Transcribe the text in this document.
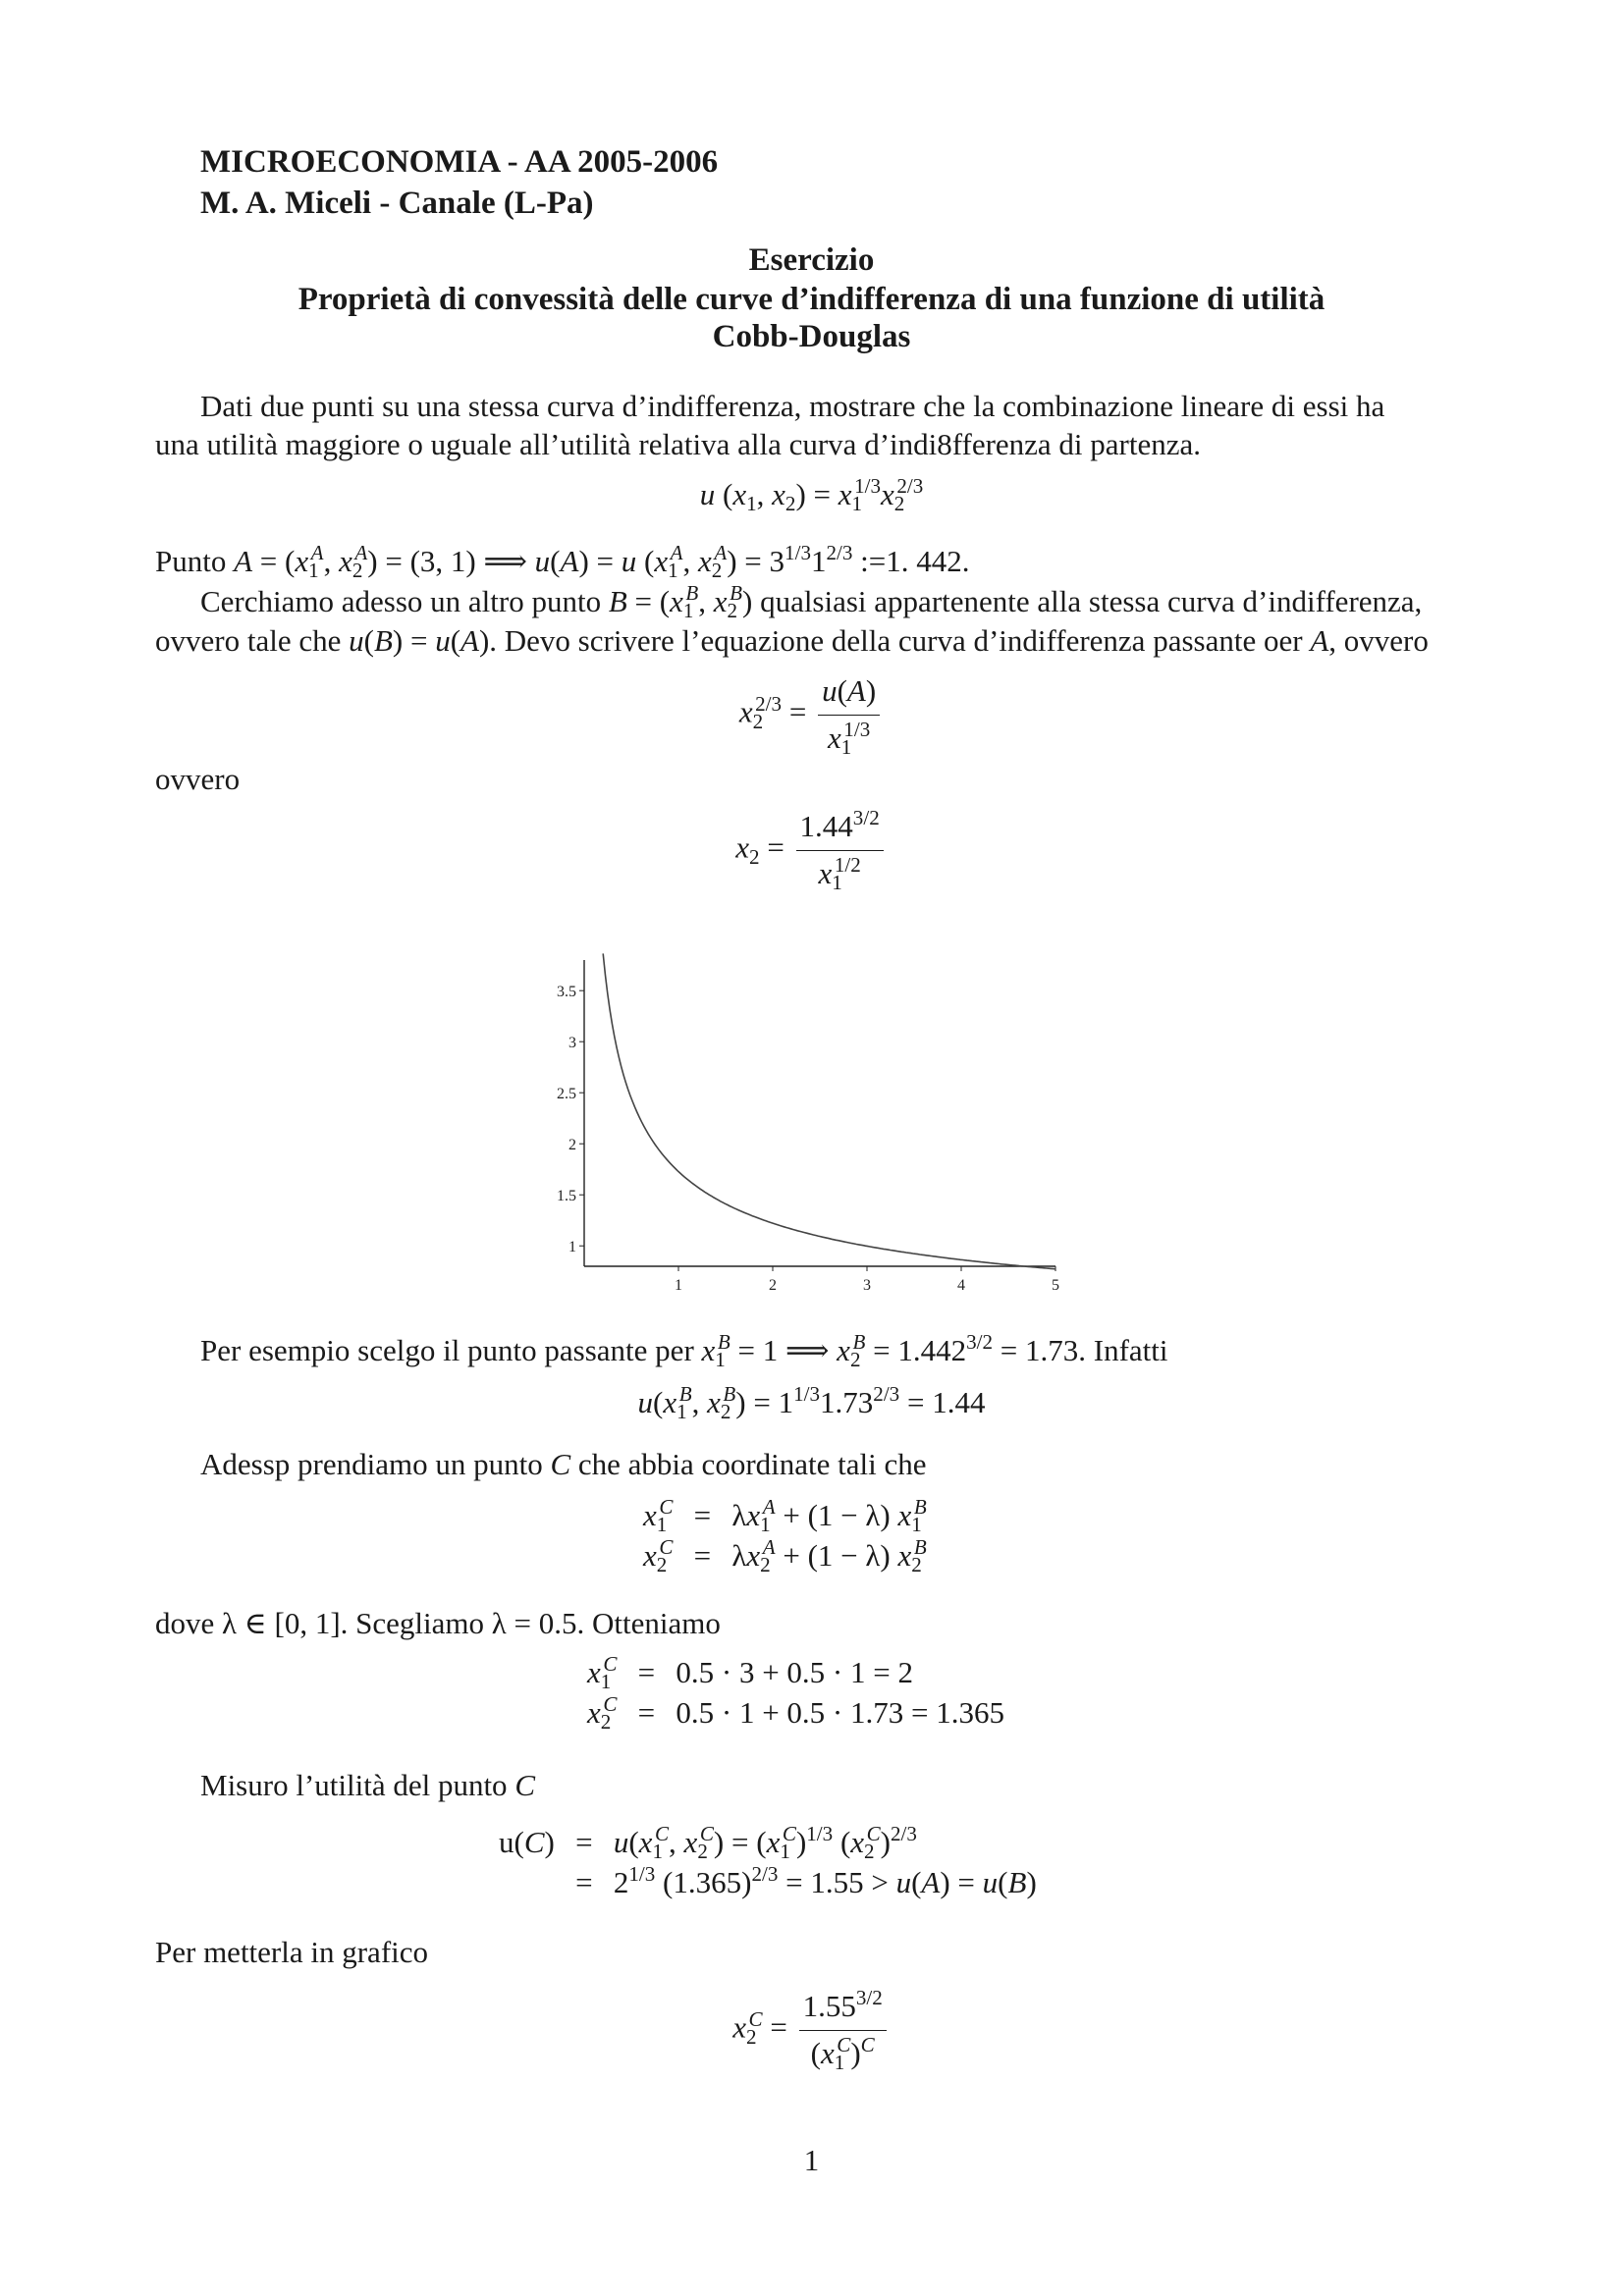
MICROECONOMIA - AA 2005-2006
M. A. Miceli - Canale (L-Pa)
Esercizio
Proprietà di convessità delle curve d’indifferenza di una funzione di utilità
Cobb-Douglas
Dati due punti su una stessa curva d’indifferenza, mostrare che la combinazione lineare di essi ha
una utilità maggiore o uguale all’utilità relativa alla curva d’indi8fferenza di partenza.
u ($x_1$, $x_2) = x_1^{1/3}x_2^{2/3}$
Punto $A = (x_1^A$, $x_2^A) = (3$, 1) ⟹ u(A) = u ($x_1^A$, $x_2^A) = 3^{1/3}1^{2/3}$ :=1. 442.
Cerchiamo adesso un altro punto $B = (x_1^B$, $x_2^B$) qualsiasi appartenente alla stessa curva d’indifferenza,
ovvero tale che u(B) = u(A). Devo scrivere l’equazione della curva d’indifferenza passante oer A, ovvero
$x_2^{2/3} = \frac{u(A)}{x_1^{1/3}}$
ovvero
$x_2 = \frac{1.44^{3/2}}{x_1^{1/2}}$
1	2	3	4	5
1
1.5
2
2.5
3
3.5
Per esempio scelgo il punto passante per $x_1^B = 1$ ⟹ $x_2^B = 1.442^{3/2} = 1.73$. Infatti
$u(x_1^B$, $x_2^B) = 1^{1/3}1.73^{2/3} = 1.44$
Adessp prendiamo un punto C che abbia coordinate tali che
$x_1^C = \lambda x_1^A + (1 - \lambda)$ $x_1^B$
$x_2^C = \lambda x_2^A + (1 - \lambda)$ $x_2^B$
dove λ ∈ [0, 1]. Scegliamo λ = 0.5. Otteniamo
$x_1^C = 0.5 \cdot 3 + 0.5 \cdot 1 = 2$
$x_2^C = 0.5 \cdot 1 + 0.5 \cdot 1.73 = 1.365$
Misuro l’utilità del punto C
$u(C) = u(x_1^C$, $x_2^C) = (x_1^C)^{1/3}$ $(x_2^C)^{2/3}$
= $2^{1/3}$ $(1.365)^{2/3} = 1.55 > u(A) = u(B)$
Per metterla in grafico
$x_2^C = \frac{1.55^{3/2}}{(x_1^C)^C}$
1
